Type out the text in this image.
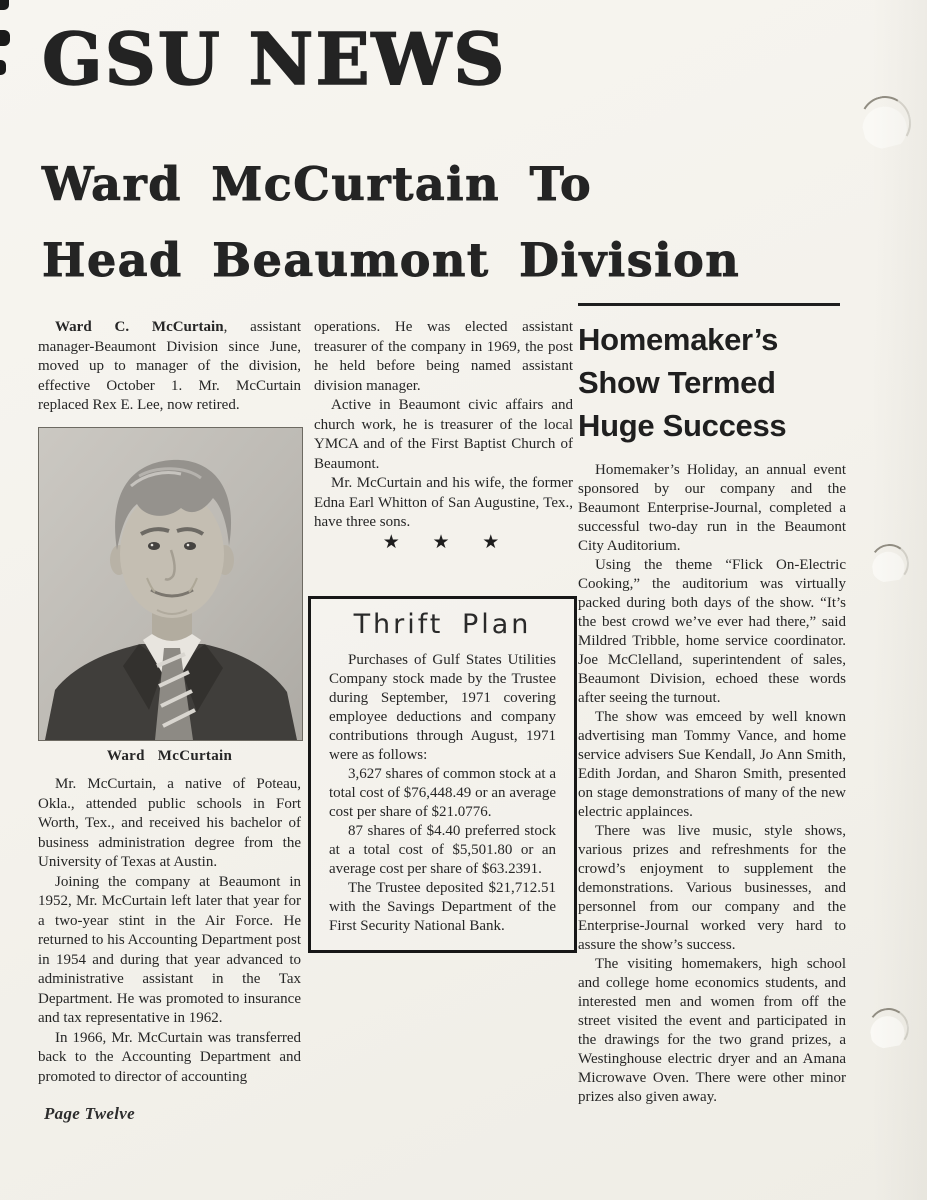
GSU NEWS
Ward McCurtain To
Head Beaumont Division

Ward C. McCurtain, assistant manager-Beaumont Division since June, moved up to manager of the division, effective October 1. Mr. McCurtain replaced Rex E. Lee, now retired.

Ward McCurtain

Mr. McCurtain, a native of Poteau, Okla., attended public schools in Fort Worth, Tex., and received his bachelor of business administration degree from the University of Texas at Austin.

Joining the company at Beaumont in 1952, Mr. McCurtain left later that year for a two-year stint in the Air Force. He returned to his Accounting Department post in 1954 and during that year advanced to administrative assistant in the Tax Department. He was promoted to insurance and tax representative in 1962.

In 1966, Mr. McCurtain was transferred back to the Accounting Department and promoted to director of accounting

operations. He was elected assistant treasurer of the company in 1969, the post he held before being named assistant division manager.

Active in Beaumont civic affairs and church work, he is treasurer of the local YMCA and of the First Baptist Church of Beaumont.

Mr. McCurtain and his wife, the former Edna Earl Whitton of San Augustine, Tex., have three sons.

★ ★ ★

Thrift Plan

Purchases of Gulf States Utilities Company stock made by the Trustee during September, 1971 covering employee deductions and company contributions through August, 1971 were as follows:

3,627 shares of common stock at a total cost of $76,448.49 or an average cost per share of $21.0776.

87 shares of $4.40 preferred stock at a total cost of $5,501.80 or an average cost per share of $63.2391.

The Trustee deposited $21,712.51 with the Savings Department of the First Security National Bank.

Homemaker’s Show Termed Huge Success

Homemaker’s Holiday, an annual event sponsored by our company and the Beaumont Enterprise-Journal, completed a successful two-day run in the Beaumont City Auditorium.

Using the theme “Flick On-Electric Cooking,” the auditorium was virtually packed during both days of the show. “It’s the best crowd we’ve ever had there,” said Mildred Tribble, home service coordinator. Joe McClelland, superintendent of sales, Beaumont Division, echoed these words after seeing the turnout.

The show was emceed by well known advertising man Tommy Vance, and home service advisers Sue Kendall, Jo Ann Smith, Edith Jordan, and Sharon Smith, presented on stage demonstrations of many of the new electric applainces.

There was live music, style shows, various prizes and refreshments for the crowd’s enjoyment to supplement the demonstrations. Various businesses, and personnel from our company and the Enterprise-Journal worked very hard to assure the show’s success.

The visiting homemakers, high school and college home economics students, and interested men and women from off the street visited the event and participated in the drawings for the two grand prizes, a Westinghouse electric dryer and an Amana Microwave Oven. There were other minor prizes also given away.

Page Twelve
